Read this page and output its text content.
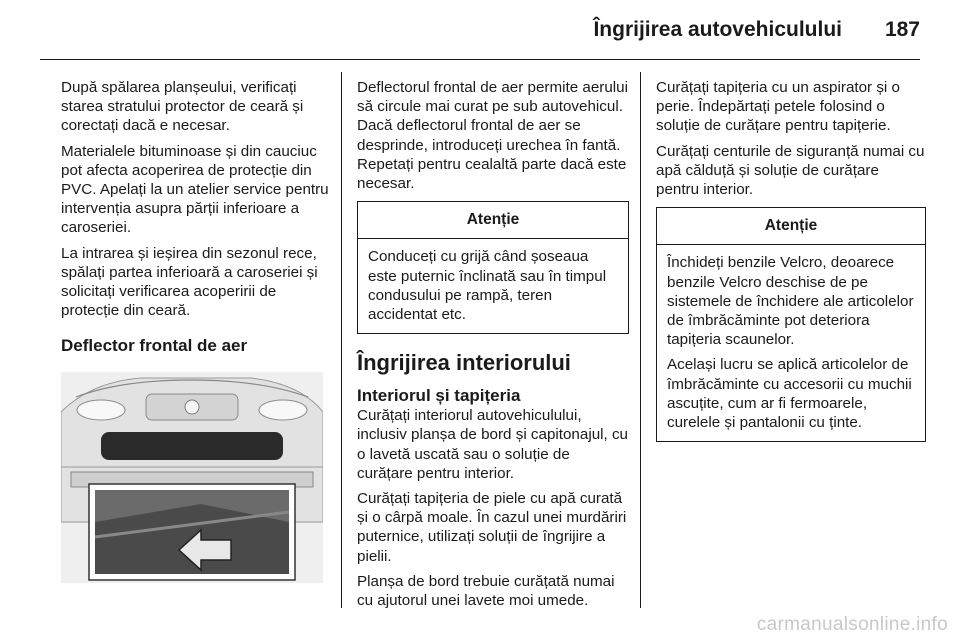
Îngrijirea autovehiculului 187

După spălarea planșeului, verificați starea stratului protector de ceară și corectați dacă e necesar.

Materialele bituminoase și din cauciuc pot afecta acoperirea de protecție din PVC. Apelați la un atelier service pentru intervenția asupra părții inferioare a caroseriei.

La intrarea și ieșirea din sezonul rece, spălați partea inferioară a caroseriei și solicitați verificarea acoperirii de protecție din ceară.

Deflector frontal de aer

Deflectorul frontal de aer permite aerului să circule mai curat pe sub autovehicul. Dacă deflectorul frontal de aer se desprinde, introduceți urechea în fantă. Repetați pentru cealaltă parte dacă este necesar.

Atenție

Conduceți cu grijă când șoseaua este puternic înclinată sau în timpul condusului pe rampă, teren accidentat etc.

Îngrijirea interiorului
Interiorul și tapițeria

Curățați interiorul autovehiculului, inclusiv planșa de bord și capitonajul, cu o lavetă uscată sau o soluție de curățare pentru interior.

Curățați tapițeria de piele cu apă curată și o cârpă moale. În cazul unei murdăriri puternice, utilizați soluții de îngrijire a pielii.

Planșa de bord trebuie curățată numai cu ajutorul unei lavete moi umede.

Curățați tapițeria cu un aspirator și o perie. Îndepărtați petele folosind o soluție de curățare pentru tapițerie.

Curățați centurile de siguranță numai cu apă călduță și soluție de curățare pentru interior.

Atenție

Închideți benzile Velcro, deoarece benzile Velcro deschise de pe sistemele de închidere ale articolelor de îmbrăcăminte pot deteriora tapițeria scaunelor.

Același lucru se aplică articolelor de îmbrăcăminte cu accesorii cu muchii ascuțite, cum ar fi fermoarele, curelele și pantalonii cu ținte.

carmanualsonline.info
